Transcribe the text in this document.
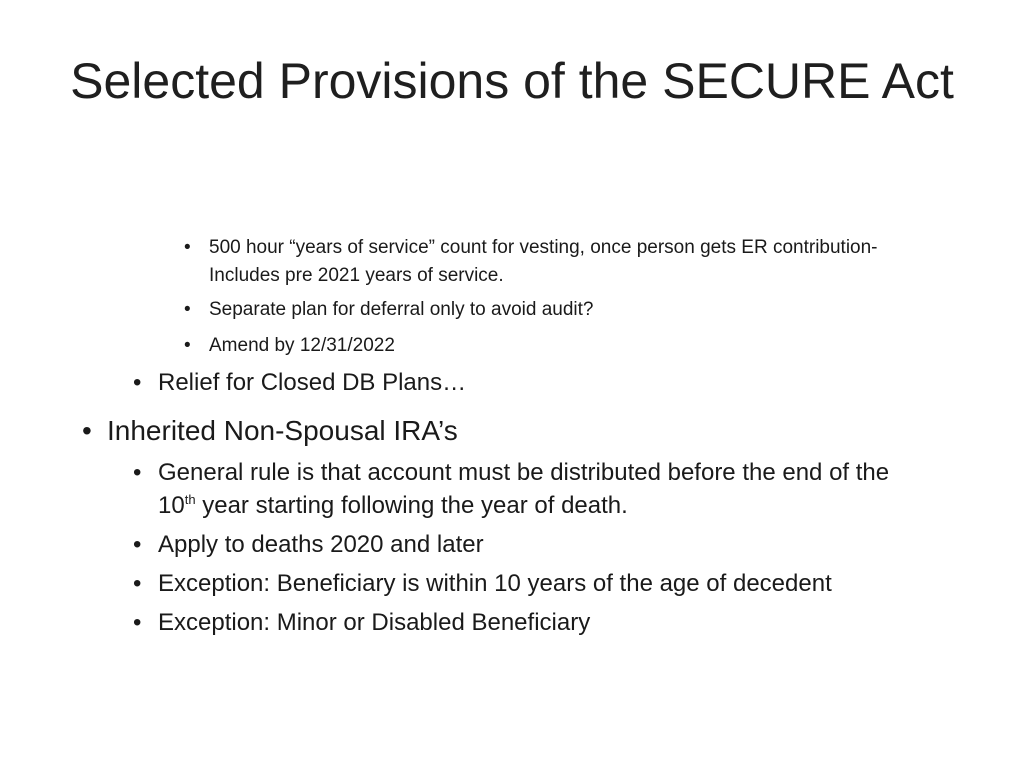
Selected Provisions of the SECURE Act

• 500 hour “years of service” count for vesting, once person gets ER contribution- Includes pre 2021 years of service.

• Separate plan for deferral only to avoid audit?

• Amend by 12/31/2022

• Relief for Closed DB Plans…

• Inherited Non-Spousal IRA’s

• General rule is that account must be distributed before the end of the 10th year starting following the year of death.

• Apply to deaths 2020 and later

• Exception: Beneficiary is within 10 years of the age of decedent

• Exception: Minor or Disabled Beneficiary
